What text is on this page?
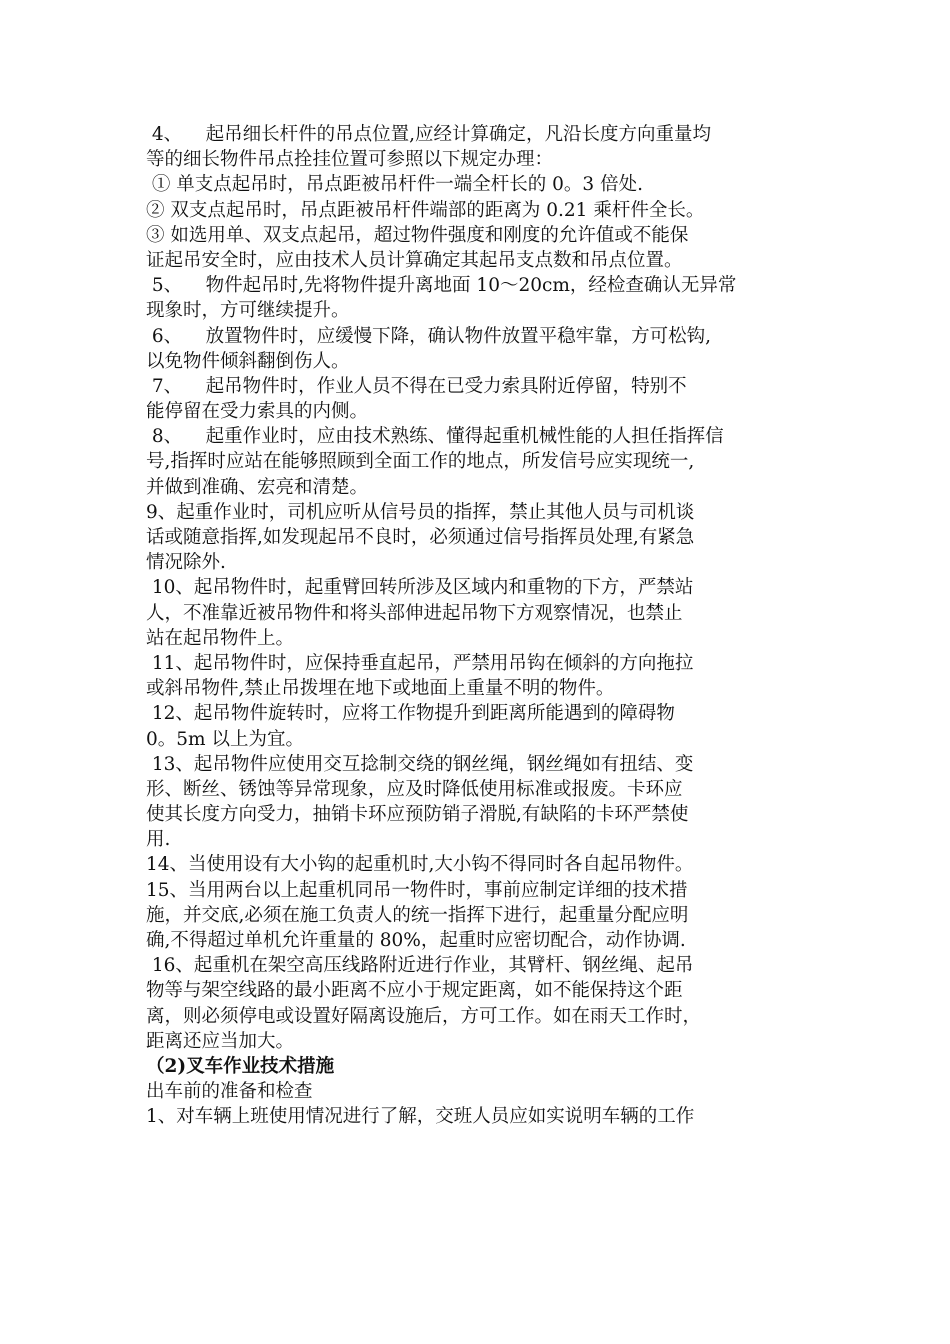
4、    起吊细长杆件的吊点位置,应经计算确定，凡沿长度方向重量均
等的细长物件吊点拴挂位置可参照以下规定办理：
① 单支点起吊时，吊点距被吊杆件一端全杆长的 0。3 倍处.
② 双支点起吊时，吊点距被吊杆件端部的距离为 0.21 乘杆件全长。
③ 如选用单、双支点起吊，超过物件强度和刚度的允许值或不能保
证起吊安全时，应由技术人员计算确定其起吊支点数和吊点位置。
5、    物件起吊时,先将物件提升离地面 10～20cm，经检查确认无异常
现象时，方可继续提升。
6、    放置物件时，应缓慢下降，确认物件放置平稳牢靠，方可松钩,
以免物件倾斜翻倒伤人。
7、    起吊物件时，作业人员不得在已受力索具附近停留，特别不
能停留在受力索具的内侧。
8、    起重作业时，应由技术熟练、懂得起重机械性能的人担任指挥信
号,指挥时应站在能够照顾到全面工作的地点，所发信号应实现统一,
并做到准确、宏亮和清楚。
9、起重作业时，司机应听从信号员的指挥，禁止其他人员与司机谈
话或随意指挥,如发现起吊不良时，必须通过信号指挥员处理,有紧急
情况除外.
10、起吊物件时，起重臂回转所涉及区域内和重物的下方，严禁站
人，不准靠近被吊物件和将头部伸进起吊物下方观察情况，也禁止
站在起吊物件上。
11、起吊物件时，应保持垂直起吊，严禁用吊钩在倾斜的方向拖拉
或斜吊物件,禁止吊拨埋在地下或地面上重量不明的物件。
12、起吊物件旋转时，应将工作物提升到距离所能遇到的障碍物
0。5m 以上为宜。
13、起吊物件应使用交互捻制交绕的钢丝绳，钢丝绳如有扭结、变
形、断丝、锈蚀等异常现象，应及时降低使用标准或报废。卡环应
使其长度方向受力，抽销卡环应预防销子滑脱,有缺陷的卡环严禁使
用.
14、当使用设有大小钩的起重机时,大小钩不得同时各自起吊物件。
15、当用两台以上起重机同吊一物件时，事前应制定详细的技术措
施，并交底,必须在施工负责人的统一指挥下进行，起重量分配应明
确,不得超过单机允许重量的 80%，起重时应密切配合，动作协调.
16、起重机在架空高压线路附近进行作业，其臂杆、钢丝绳、起吊
物等与架空线路的最小距离不应小于规定距离，如不能保持这个距
离，则必须停电或设置好隔离设施后，方可工作。如在雨天工作时，
距离还应当加大。
（2)叉车作业技术措施
出车前的准备和检查
1、对车辆上班使用情况进行了解，交班人员应如实说明车辆的工作
